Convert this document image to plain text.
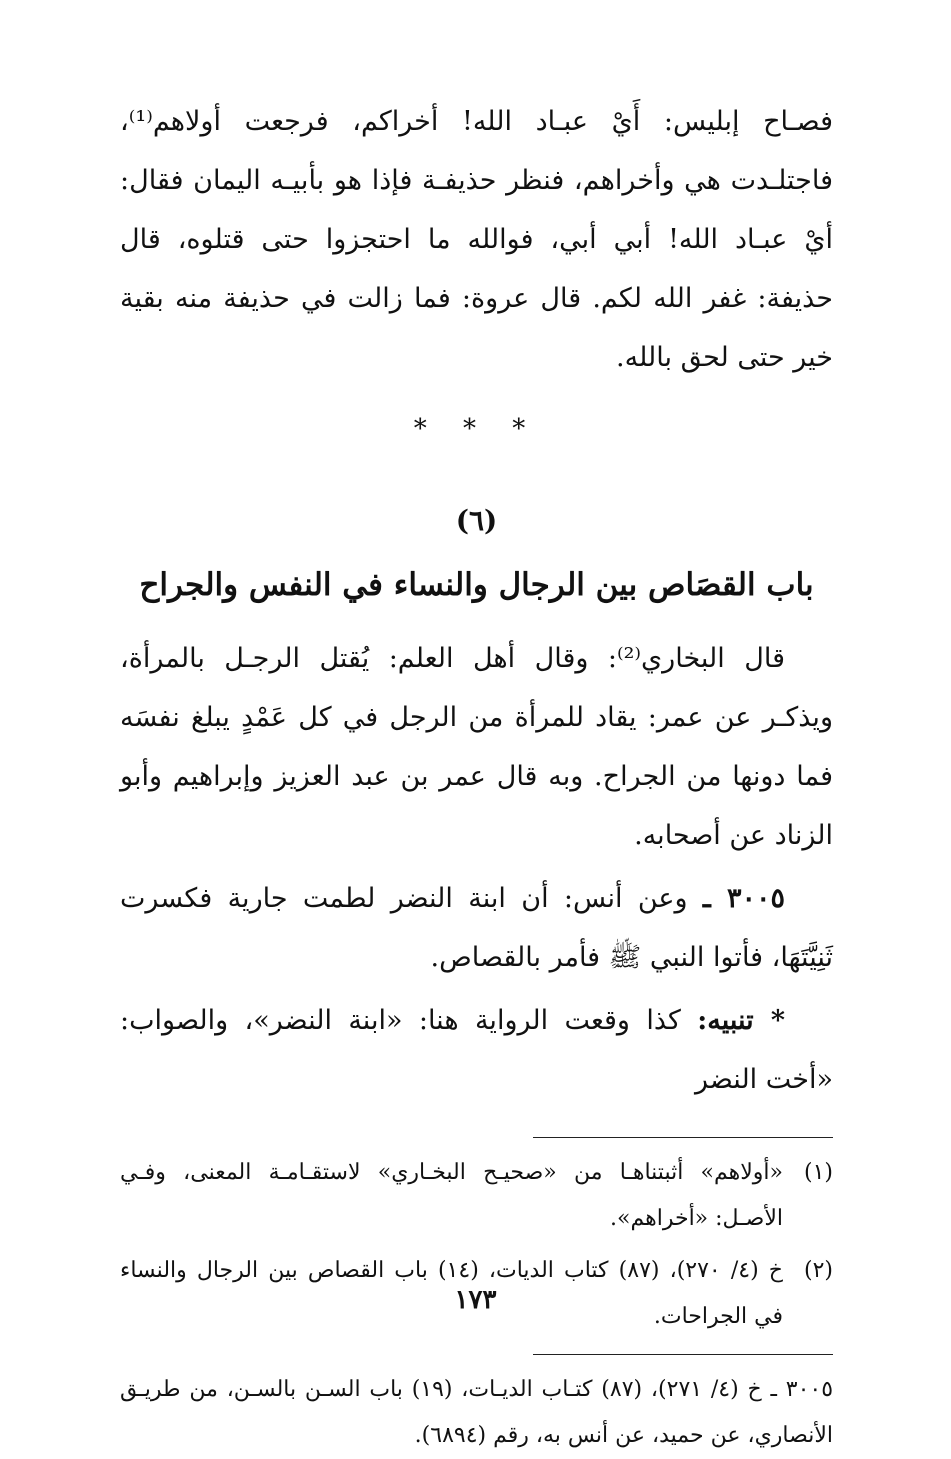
فصـاح إبليس: أَيْ عبـاد الله! أخراكم، فرجعت أولاهم⁽¹⁾، فاجتلـدت هي وأخراهم، فنظر حذيفـة فإذا هو بأبيـه اليمان فقال: أيْ عبـاد الله! أبي أبي، فوالله ما احتجزوا حتى قتلوه، قال حذيفة: غفر الله لكم. قال عروة: فما زالت في حذيفة منه بقية خير حتى لحق بالله.

* * *
(٦)
باب القصَاص بين الرجال والنساء في النفس والجراح

قال البخاري⁽²⁾: وقال أهل العلم: يُقتل الرجـل بالمرأة، ويذكـر عن عمر: يقاد للمرأة من الرجل في كل عَمْدٍ يبلغ نفسَه فما دونها من الجراح. وبه قال عمر بن عبد العزيز وإبراهيم وأبو الزناد عن أصحابه.

٣٠٠٥ ـ وعن أنس: أن ابنة النضر لطمت جارية فكسرت ثَنِيَّتَهَا، فأتوا النبي ﷺ فأمر بالقصاص.

* تنبيه: كذا وقعت الرواية هنا: «ابنة النضر»، والصواب: «أخت النضر

(١)
«أولاهم» أثبتناهـا من «صحيـح البخـاري» لاستقـامـة المعنى، وفـي الأصـل: «أخراهم».

(٢)
خ (٤/ ٢٧٠)، (٨٧) كتاب الديات، (١٤) باب القصاص بين الرجال والنساء في الجراحات.

٣٠٠٥ ـ خ (٤/ ٢٧١)، (٨٧) كتـاب الديـات، (١٩) باب السـن بالسـن، من طريـق الأنصاري، عن حميد، عن أنس به، رقم (٦٨٩٤).

١٧٣
